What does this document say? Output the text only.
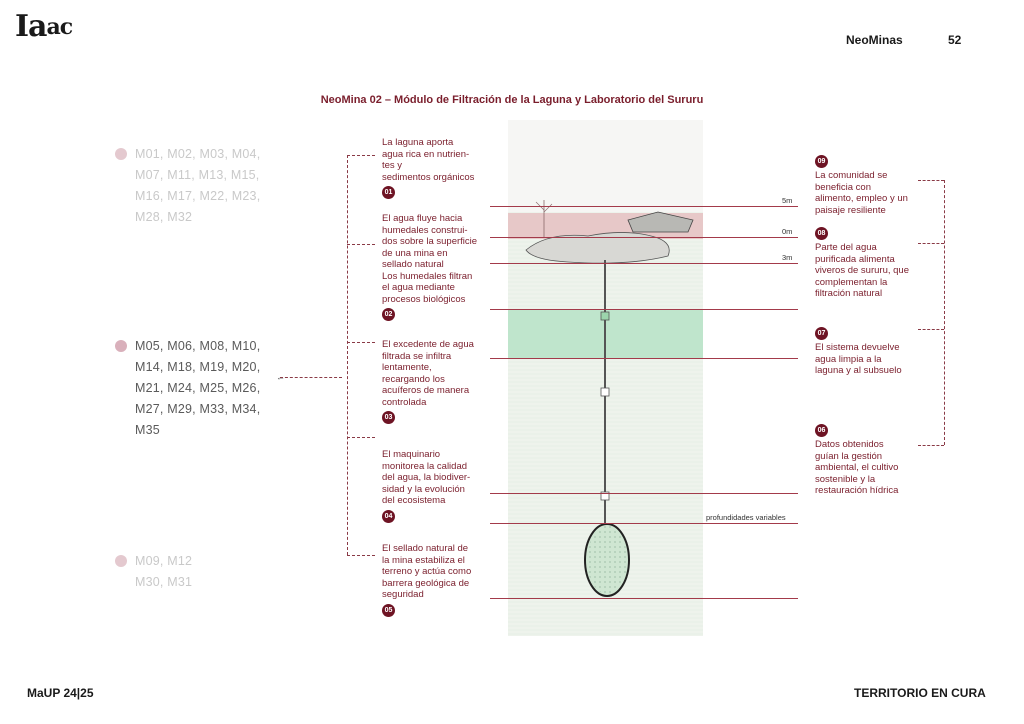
$Ia^{ac}$	NeoMinas	52
NeoMina 02 – Módulo de Filtración de la Laguna y Laboratorio del Sururu
M01, M02, M03, M04,
M07, M11, M13, M15,
M16, M17, M22, M23,
M28, M32
M05, M06, M08, M10,
M14, M18, M19, M20,
M21, M24, M25, M26,
M27, M29, M33, M34,
M35
M09, M12
M30, M31
←
La laguna aporta
agua rica en nutrien-
tes y
sedimentos orgánicos
01
El agua fluye hacia
humedales construi-
dos sobre la superficie
de una mina en
sellado natural
Los humedales filtran
el agua mediante
procesos biológicos
02
El excedente de agua
filtrada se infiltra
lentamente,
recargando los
acuíferos de manera
controlada
03
El maquinario
monitorea la calidad
del agua, la biodiver-
sidad y la evolución
del ecosistema
04
El sellado natural de
la mina estabiliza el
terreno y actúa como
barrera geológica de
seguridad
05
5m
0m
3m
profundidades variables
09
La comunidad se
beneficia con
alimento, empleo y un
paisaje resiliente
08
Parte del agua
purificada alimenta
viveros de sururu, que
complementan la
filtración natural
07
El sistema devuelve
agua limpia a la
laguna y al subsuelo
06
Datos obtenidos
guían la gestión
ambiental, el cultivo
sostenible y la
restauración hídrica
MaUP 24|25	TERRITORIO EN CURA
